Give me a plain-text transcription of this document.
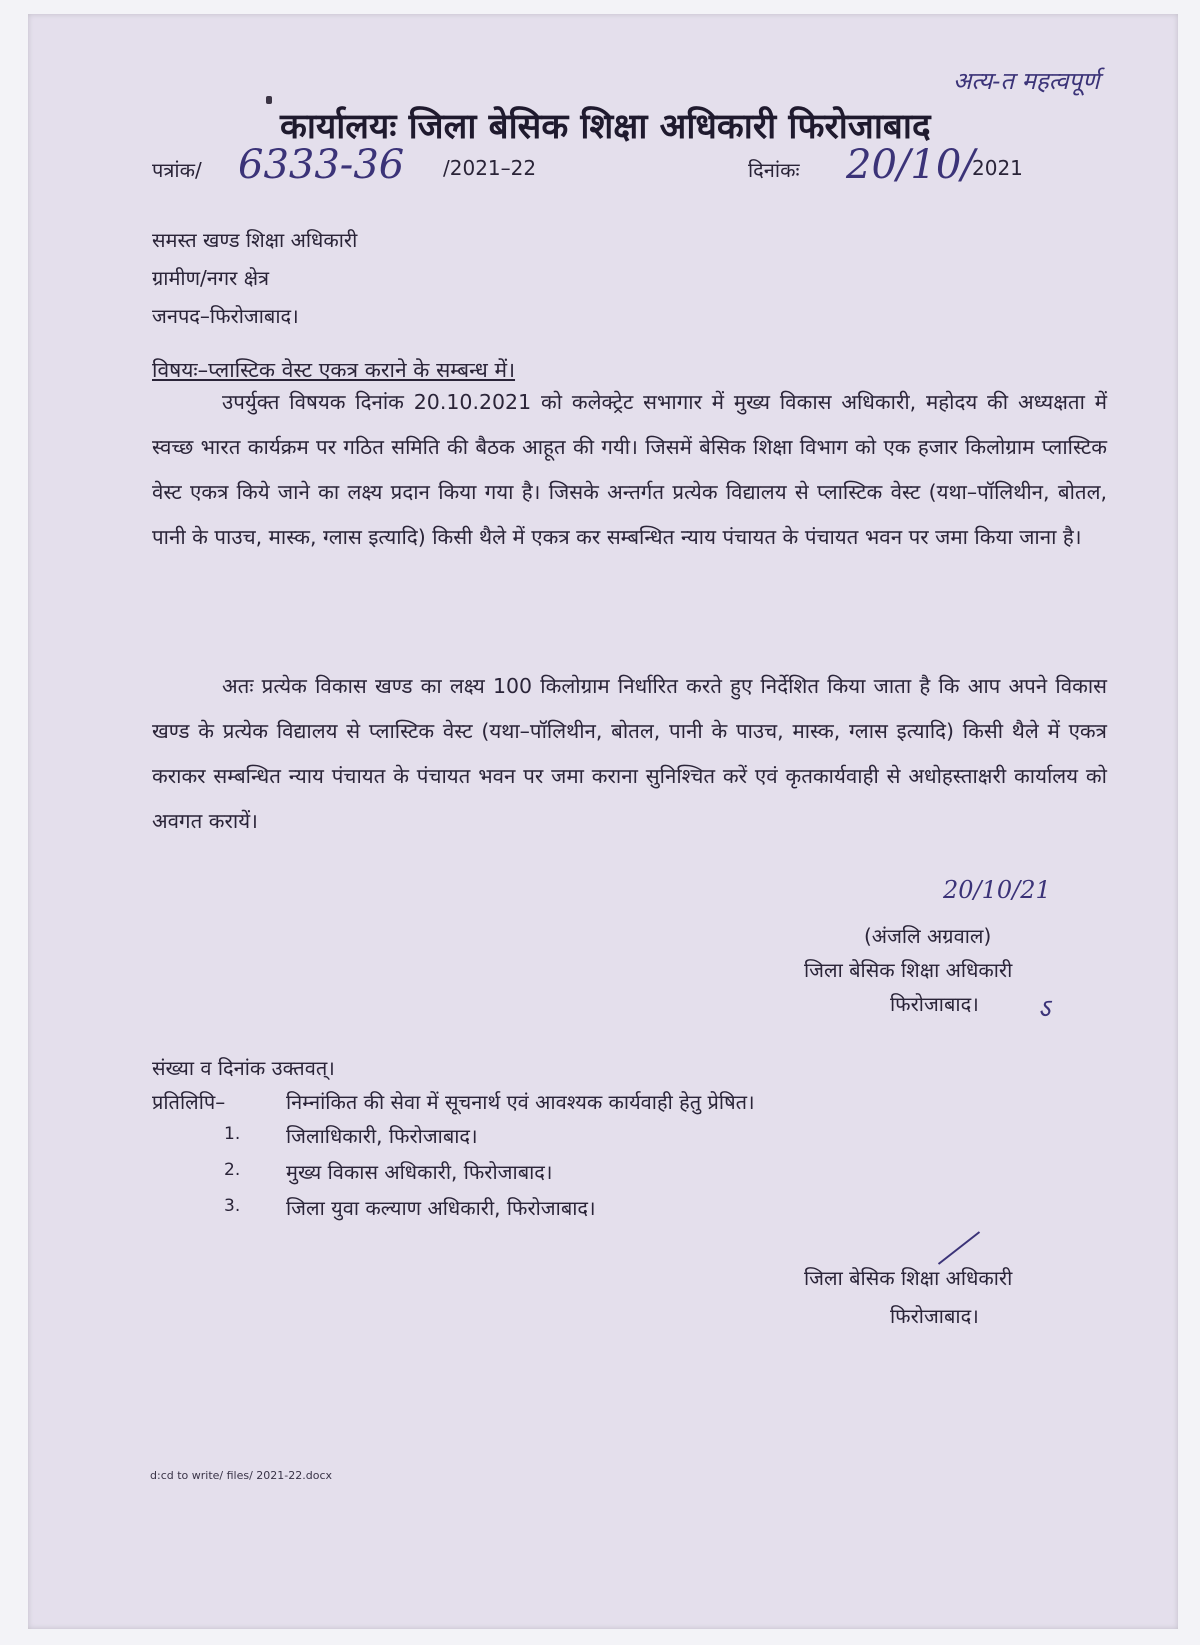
अत्य-त महत्वपूर्ण
कार्यालयः जिला बेसिक शिक्षा अधिकारी फिरोजाबाद
पत्रांक/ 6333-36 /2021–22	दिनांकः 20/10/
2021
समस्त खण्ड शिक्षा अधिकारी
ग्रामीण/नगर क्षेत्र
जनपद–फिरोजाबाद।
विषयः–प्लास्टिक वेस्ट एकत्र कराने के सम्बन्ध में।

उपर्युक्त विषयक दिनांक 20.10.2021 को कलेक्ट्रेट सभागार में मुख्य विकास अधिकारी, महोदय की अध्यक्षता में स्वच्छ भारत कार्यक्रम पर गठित समिति की बैठक आहूत की गयी। जिसमें बेसिक शिक्षा विभाग को एक हजार किलोग्राम प्लास्टिक वेस्ट एकत्र किये जाने का लक्ष्य प्रदान किया गया है। जिसके अन्तर्गत प्रत्येक विद्यालय से प्लास्टिक वेस्ट (यथा–पॉलिथीन, बोतल, पानी के पाउच, मास्क, ग्लास इत्यादि) किसी थैले में एकत्र कर सम्बन्धित न्याय पंचायत के पंचायत भवन पर जमा किया जाना है।

अतः प्रत्येक विकास खण्ड का लक्ष्य 100 किलोग्राम निर्धारित करते हुए निर्देशित किया जाता है कि आप अपने विकास खण्ड के प्रत्येक विद्यालय से प्लास्टिक वेस्ट (यथा–पॉलिथीन, बोतल, पानी के पाउच, मास्क, ग्लास इत्यादि) किसी थैले में एकत्र कराकर सम्बन्धित न्याय पंचायत के पंचायत भवन पर जमा कराना सुनिश्चित करें एवं कृतकार्यवाही से अधोहस्ताक्षरी कार्यालय को अवगत करायें।

20/10/21
(अंजलि अग्रवाल)
जिला बेसिक शिक्षा अधिकारी
फिरोजाबाद। ऽ
संख्या व दिनांक उक्तवत्।
प्रतिलिपि–	निम्नांकित की सेवा में सूचनार्थ एवं आवश्यक कार्यवाही हेतु प्रेषित।
1. जिलाधिकारी, फिरोजाबाद।
2. मुख्य विकास अधिकारी, फिरोजाबाद।
3. जिला युवा कल्याण अधिकारी, फिरोजाबाद।
जिला बेसिक शिक्षा अधिकारी
फिरोजाबाद।
d:cd to write/ files/ 2021-22.docx
